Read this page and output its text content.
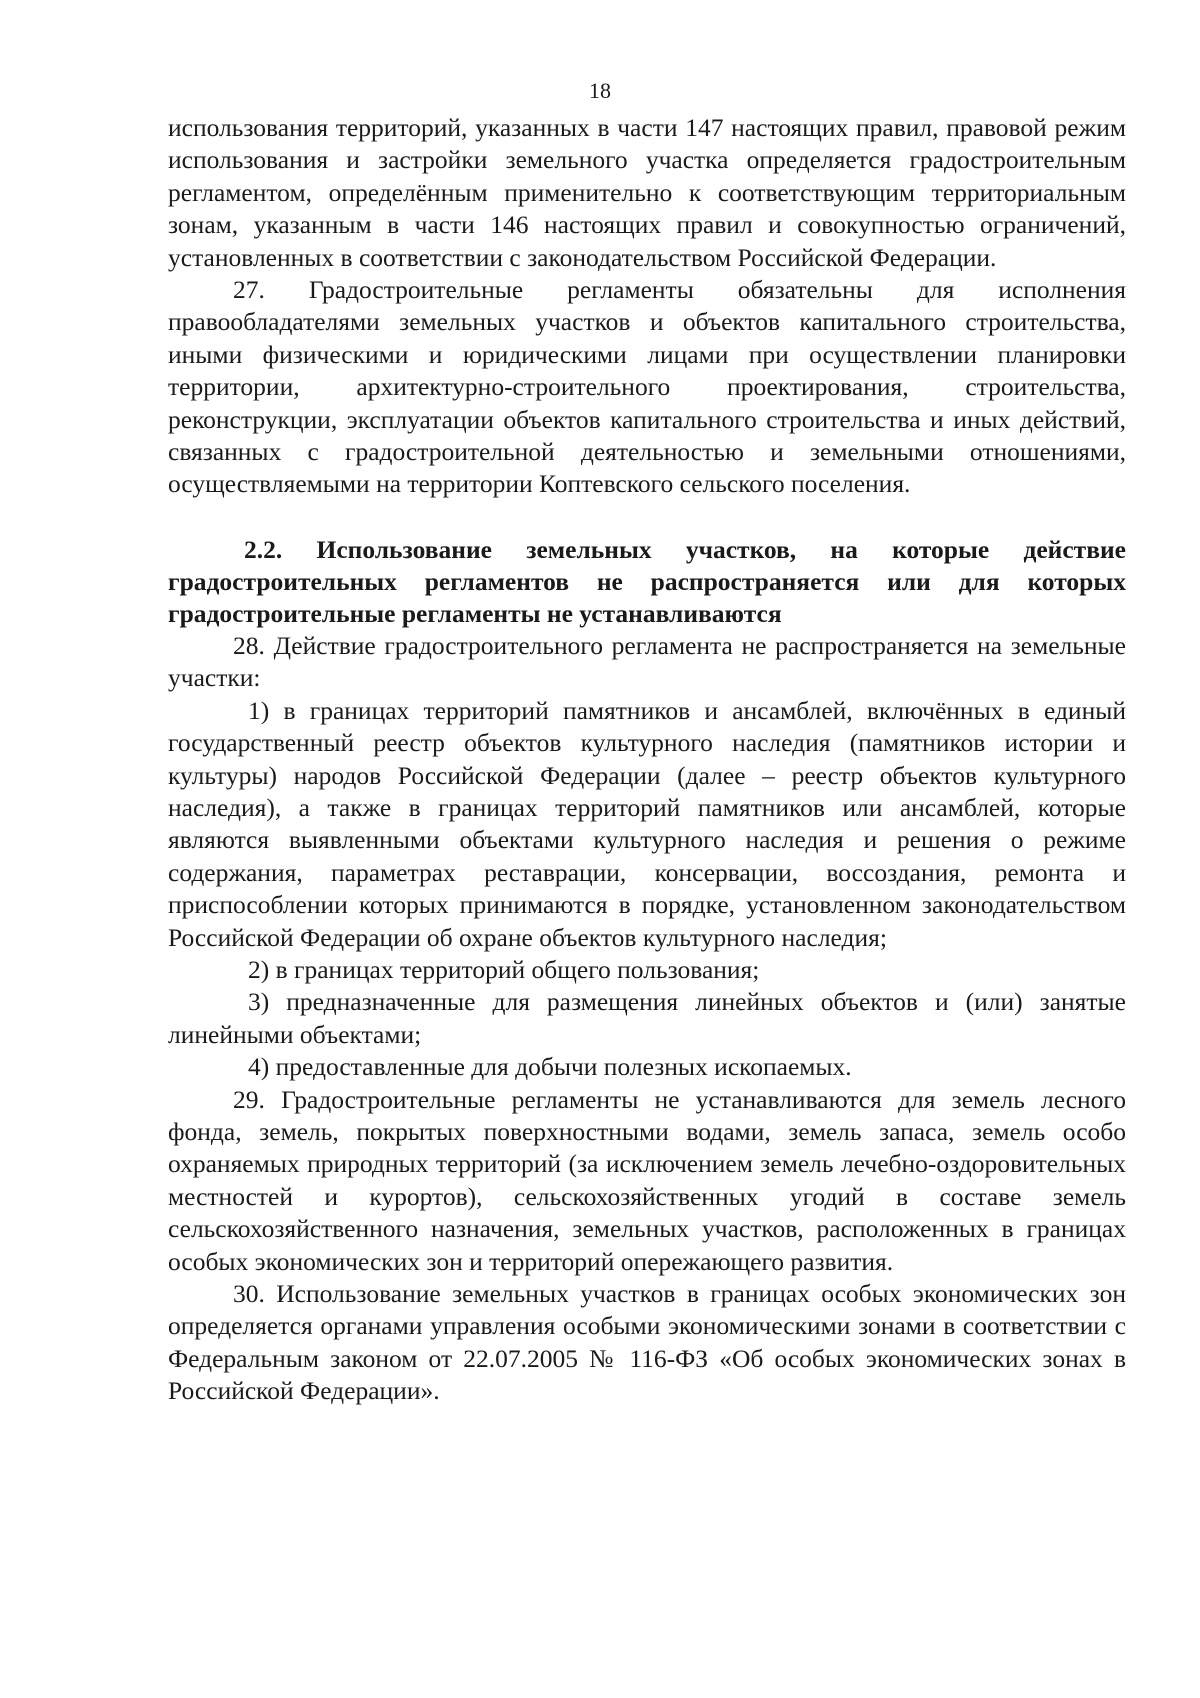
18

использования территорий, указанных в части 147 настоящих правил, правовой режим использования и застройки земельного участка определяется градостроительным регламентом, определённым применительно к соответствующим территориальным зонам, указанным в части 146 настоящих правил и совокупностью ограничений, установленных в соответствии с законодательством Российской Федерации.

27. Градостроительные регламенты обязательны для исполнения правообладателями земельных участков и объектов капитального строительства, иными физическими и юридическими лицами при осуществлении планировки территории, архитектурно-строительного проектирования, строительства, реконструкции, эксплуатации объектов капитального строительства и иных действий, связанных с градостроительной деятельностью и земельными отношениями, осуществляемыми на территории Коптевского сельского поселения.

2.2. Использование земельных участков, на которые действие градостроительных регламентов не распространяется или для которых градостроительные регламенты не устанавливаются

28. Действие градостроительного регламента не распространяется на земельные участки:

1) в границах территорий памятников и ансамблей, включённых в единый государственный реестр объектов культурного наследия (памятников истории и культуры) народов Российской Федерации (далее – реестр объектов культурного наследия), а также в границах территорий памятников или ансамблей, которые являются выявленными объектами культурного наследия и решения о режиме содержания, параметрах реставрации, консервации, воссоздания, ремонта и приспособлении которых принимаются в порядке, установленном законодательством Российской Федерации об охране объектов культурного наследия;

2) в границах территорий общего пользования;

3) предназначенные для размещения линейных объектов и (или) занятые линейными объектами;

4) предоставленные для добычи полезных ископаемых.

29. Градостроительные регламенты не устанавливаются для земель лесного фонда, земель, покрытых поверхностными водами, земель запаса, земель особо охраняемых природных территорий (за исключением земель лечебно-оздоровительных местностей и курортов), сельскохозяйственных угодий в составе земель сельскохозяйственного назначения, земельных участков, расположенных в границах особых экономических зон и территорий опережающего развития.

30. Использование земельных участков в границах особых экономических зон определяется органами управления особыми экономическими зонами в соответствии с Федеральным законом от 22.07.2005 № 116-ФЗ «Об особых экономических зонах в Российской Федерации».
